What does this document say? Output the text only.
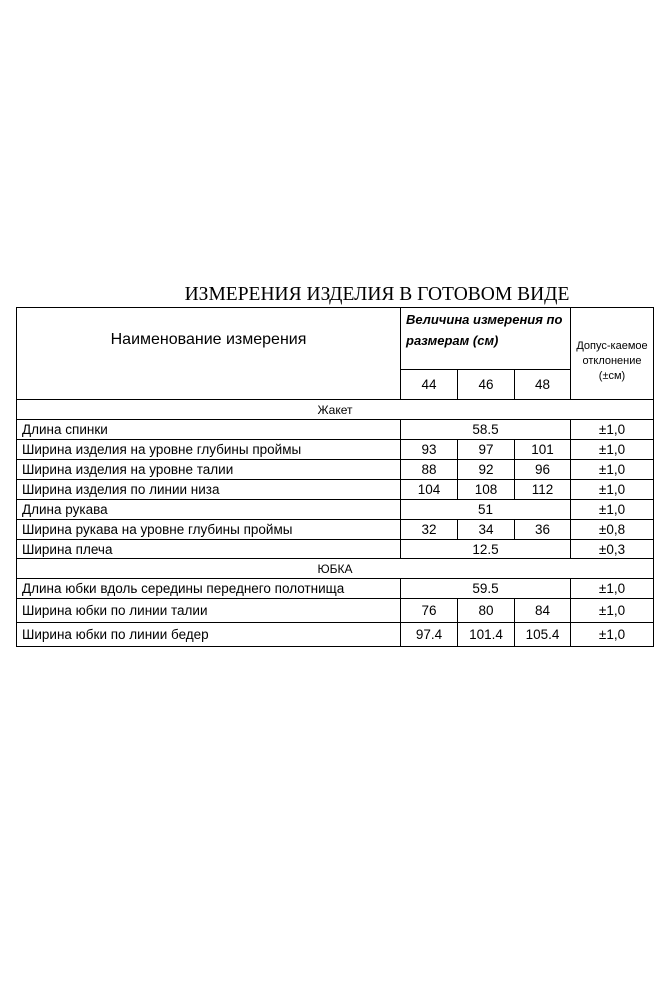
ИЗМЕРЕНИЯ ИЗДЕЛИЯ В ГОТОВОМ ВИДЕ
Наименование измерения	Величина измерения по размерам (см)			Допус-каемое отклонение (±см)
	44	46	48	
Жакет				
Длина спинки	58.5			±1,0
Ширина изделия на уровне глубины проймы	93	97	101	±1,0
Ширина изделия на уровне талии	88	92	96	±1,0
Ширина изделия по линии низа	104	108	112	±1,0
Длина рукава	51			±1,0
Ширина рукава на уровне глубины проймы	32	34	36	±0,8
Ширина плеча	12.5			±0,3
ЮБКА				
Длина юбки вдоль середины переднего полотнища	59.5			±1,0
Ширина юбки по линии талии	76	80	84	±1,0
Ширина юбки по линии бедер	97.4	101.4	105.4	±1,0
